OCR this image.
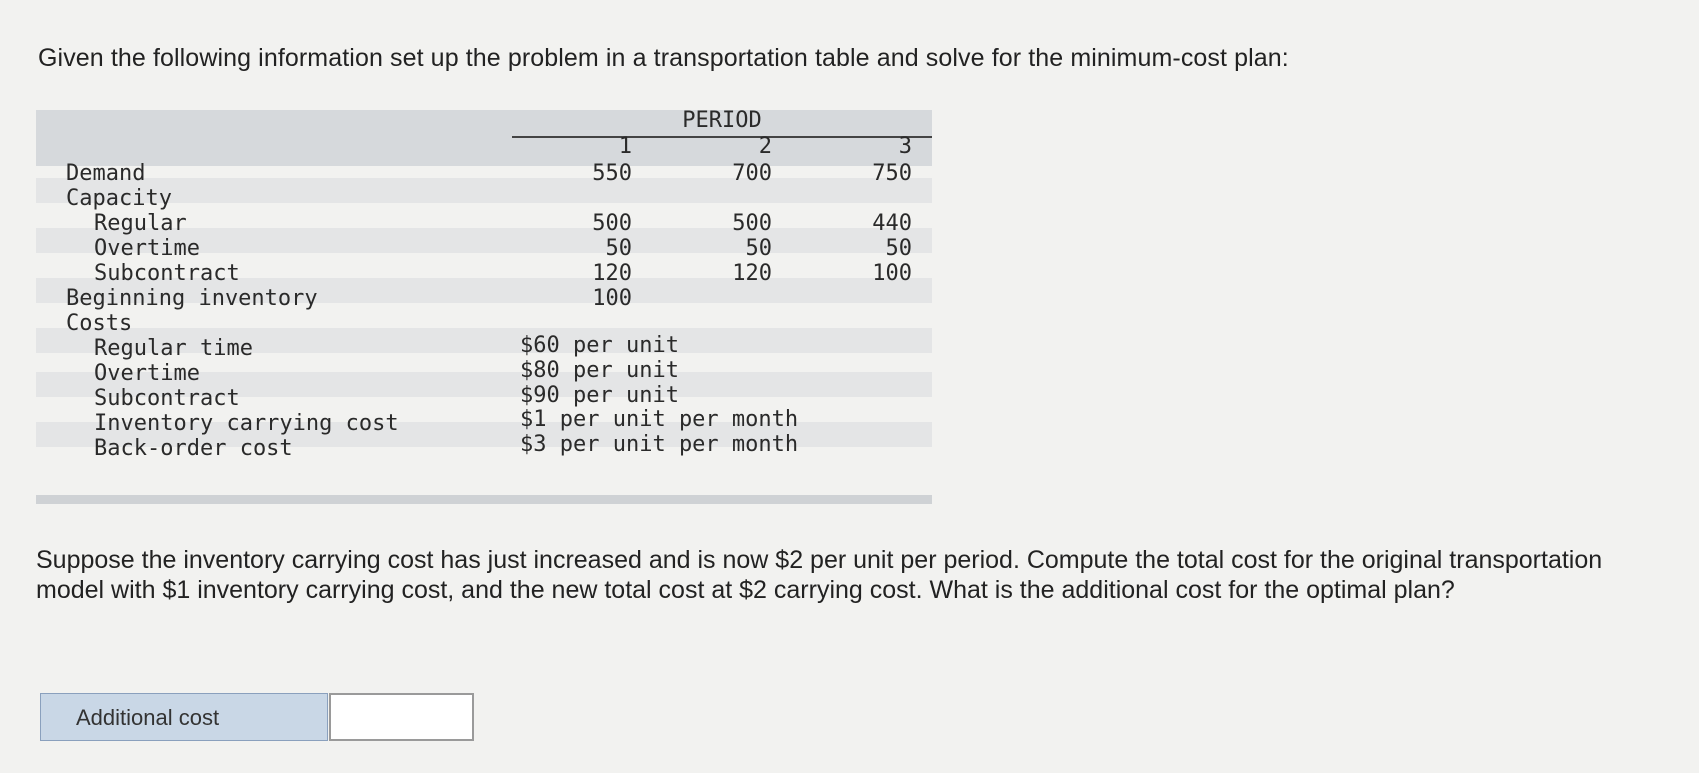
Given the following information set up the problem in a transportation table and solve for the minimum-cost plan:
PERIOD
1	2	3
Demand	550	700	750
Capacity
Regular	500	500	440
Overtime	50	50	50
Subcontract	120	120	100
Beginning inventory	100
Costs
Regular time	$60 per unit
Overtime	$80 per unit
Subcontract	$90 per unit
Inventory carrying cost	$1 per unit per month
Back-order cost	$3 per unit per month
Suppose the inventory carrying cost has just increased and is now $2 per unit per period. Compute the total cost for the original transportation model with $1 inventory carrying cost, and the new total cost at $2 carrying cost. What is the additional cost for the optimal plan?
Additional cost
